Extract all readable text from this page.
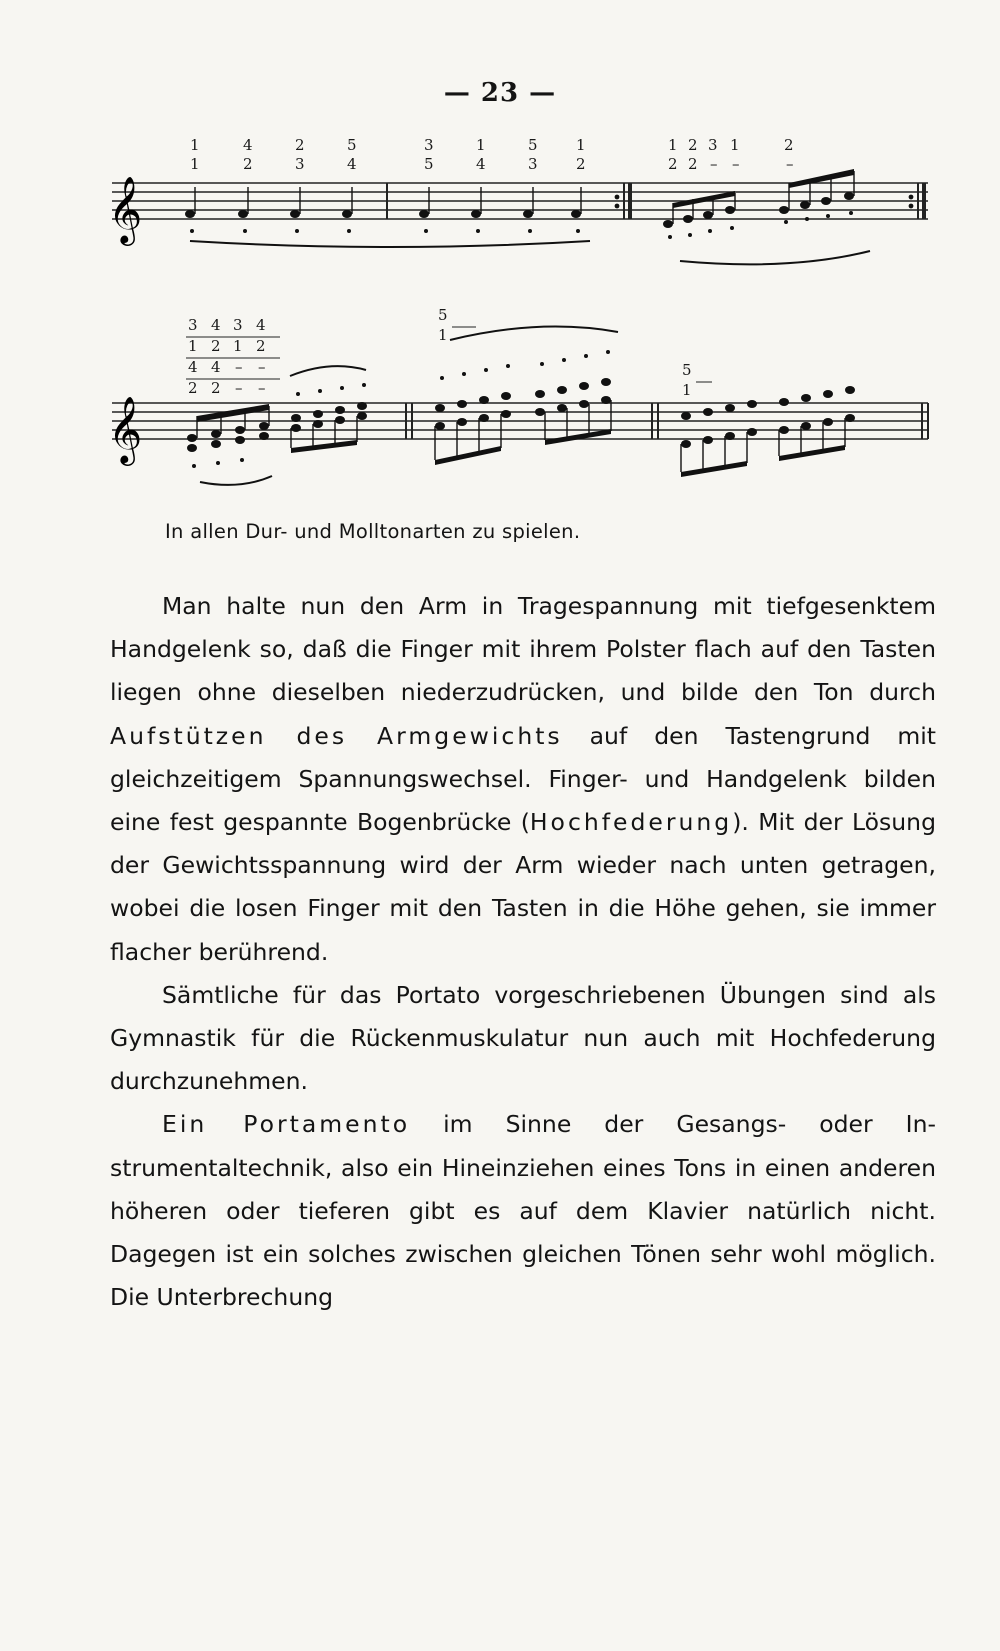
— 23 —
1	4	2	5
1	2	3	4
3	1	5	1
5	4	3	2
1 2 3 1	2
2 2 – –	–
𝄞
3 4 3 4
1 2 1 2
4 4 – –
2 2 – –
5
1
5
1
𝄞
In allen Dur- und Molltonarten zu spielen.

Man halte nun den Arm in Tragespannung mit tiefgesenktem Handgelenk so, daß die Finger mit ihrem Polster flach auf den Tasten liegen ohne dieselben niederzudrücken, und bilde den Ton durch Aufstützen des Armgewichts auf den Tastengrund mit gleichzeitigem Spannungswechsel. Finger- und Handgelenk bilden eine fest gespannte Bogenbrücke (Hochfederung). Mit der Lösung der Gewichtsspannung wird der Arm wieder nach unten getragen, wobei die losen Finger mit den Tasten in die Höhe gehen, sie immer flacher berührend.

Sämtliche für das Portato vorgeschriebenen Übungen sind als Gymnastik für die Rückenmuskulatur nun auch mit Hochfederung durchzunehmen.

Ein Portamento im Sinne der Gesangs- oder Instrumentaltechnik, also ein Hineinziehen eines Tons in einen anderen höheren oder tieferen gibt es auf dem Klavier natürlich nicht. Dagegen ist ein solches zwischen gleichen Tönen sehr wohl möglich. Die Unterbrechung
